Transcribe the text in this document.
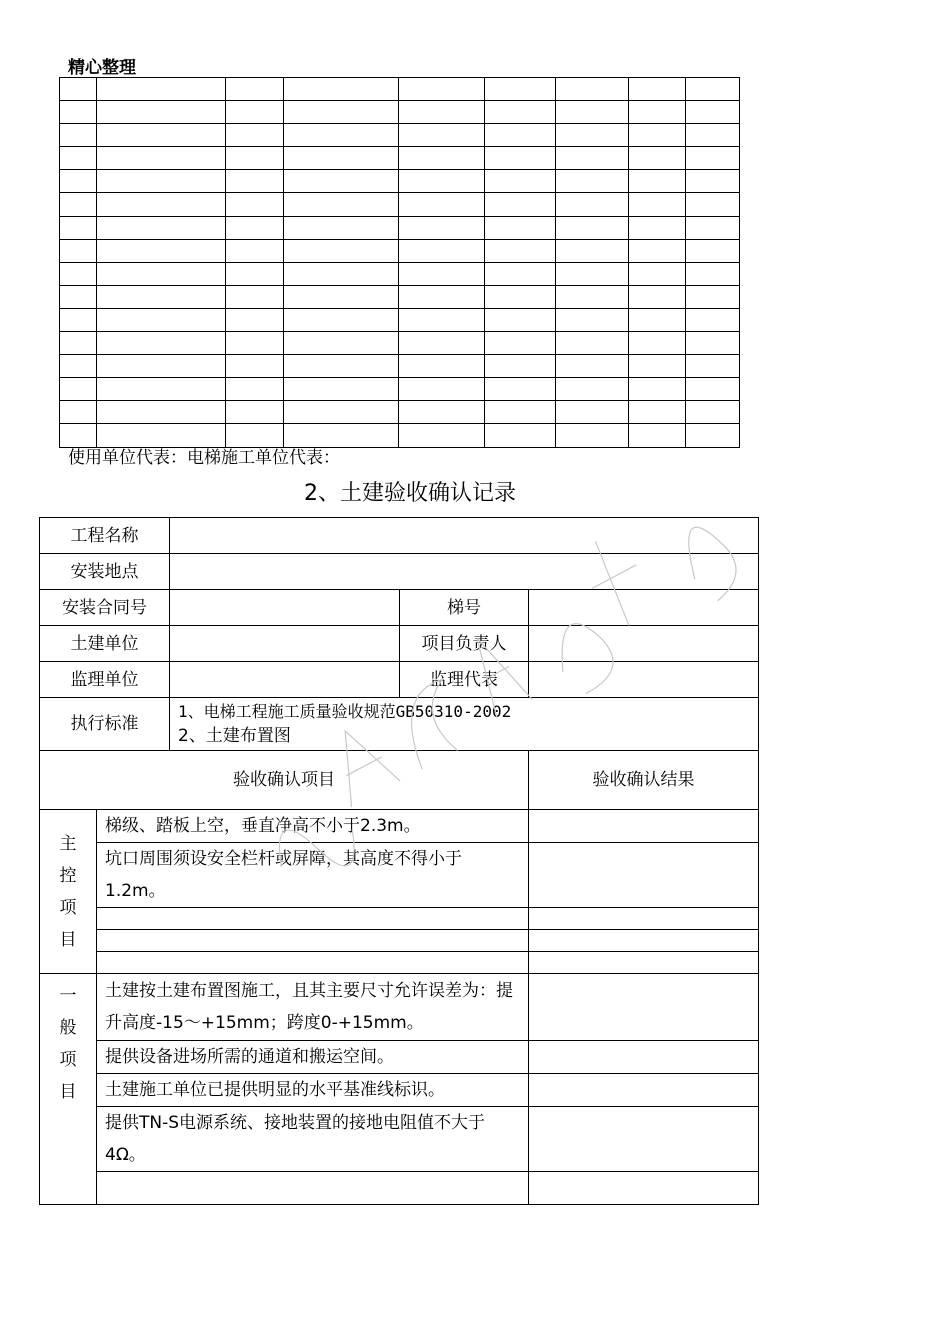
精心整理

使用单位代表：电梯施工单位代表：
2、土建验收确认记录
工程名称				
安装地点				
安装合同号			梯号	
土建单位			项目负责人	
监理单位			监理代表	
执行标准		1、电梯工程施工质量验收规范GB50310-2002
2、土建布置图		

验收确认项目				验收确认结果

主
控
项
目	梯级、踏板上空，垂直净高不小于2.3m。			
	坑口周围须设安全栏杆或屏障，其高度不得小于1.2m。			

一
般
项
目	土建按土建布置图施工，且其主要尺寸允许误差为：提升高度-15～+15mm；跨度0-+15mm。			
	提供设备进场所需的通道和搬运空间。			
	土建施工单位已提供明显的水平基准线标识。			
	提供TN-S电源系统、接地装置的接地电阻值不大于4Ω。			
